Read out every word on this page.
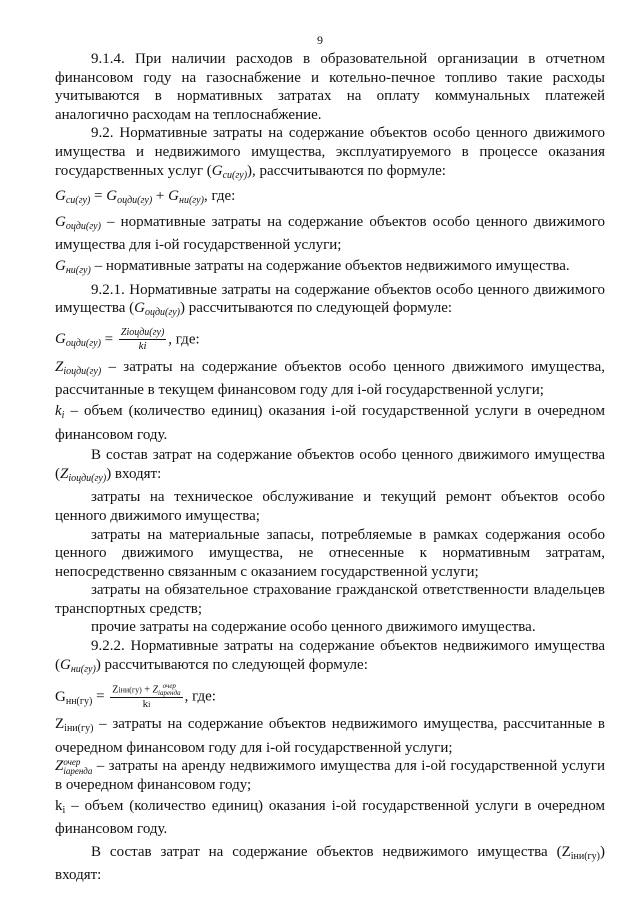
9

9.1.4. При наличии расходов в образовательной организации в отчетном

финансовом году на газоснабжение и котельно-печное топливо такие расходы

учитываются в нормативных затратах на оплату коммунальных платежей

аналогично расходам на теплоснабжение.

9.2. Нормативные затраты на содержание объектов особо ценного движимого имущества и недвижимого имущества, эксплуатируемого в процессе оказания государственных услуг $(G_{си(гу)})$, рассчитываются по формуле:

$G_{си(гу)} = G_{оцди(гу)} + G_{ни(гу)}$, где:

$G_{оцди(гу)}$ – нормативные затраты на содержание объектов особо ценного движимого имущества для i-ой государственной услуги;

$G_{ни(гу)}$ – нормативные затраты на содержание объектов недвижимого имущества.

9.2.1. Нормативные затраты на содержание объектов особо ценного движимого имущества $(G_{оцди(гу)})$ рассчитываются по следующей формуле:

$G_{оцди(гу)} = \frac{\text{Ziоцди(гу)}}{ki}$ , где:

$Z_{iоцди(гу)}$ – затраты на содержание объектов особо ценного движимого имущества, рассчитанные в текущем финансовом году для i-ой государственной услуги;

$k_i$ – объем (количество единиц) оказания i-ой государственной услуги в очередном финансовом году.

В состав затрат на содержание объектов особо ценного движимого имущества $(Z_{iоцди(гу)})$ входят:

затраты на техническое обслуживание и текущий ремонт объектов особо ценного движимого имущества;

затраты на материальные запасы, потребляемые в рамках содержания особо ценного движимого имущества, не отнесенные к нормативным затратам, непосредственно связанным с оказанием государственной услуги;

затраты на обязательное страхование гражданской ответственности владельцев транспортных средств;

прочие затраты на содержание особо ценного движимого имущества.

9.2.2. Нормативные затраты на содержание объектов недвижимого имущества $(G_{ни(гу)})$ рассчитываются по следующей формуле:

$G_{нн(гу)}$ = Ziни(гу) + Z очер
iаренда
ki , где:

$Z_{iни(гу)}$ – затраты на содержание объектов недвижимого имущества, рассчитанные в очередном финансовом году для i-ой государственной услуги;

Z очер
iаренда – затраты на аренду недвижимого имущества для i-ой государственной услуги в очередном финансовом году;

$k_i$ – объем (количество единиц) оказания i-ой государственной услуги в очередном финансовом году.

В состав затрат на содержание объектов недвижимого имущества $(Z_{iни(гу)})$ входят:
